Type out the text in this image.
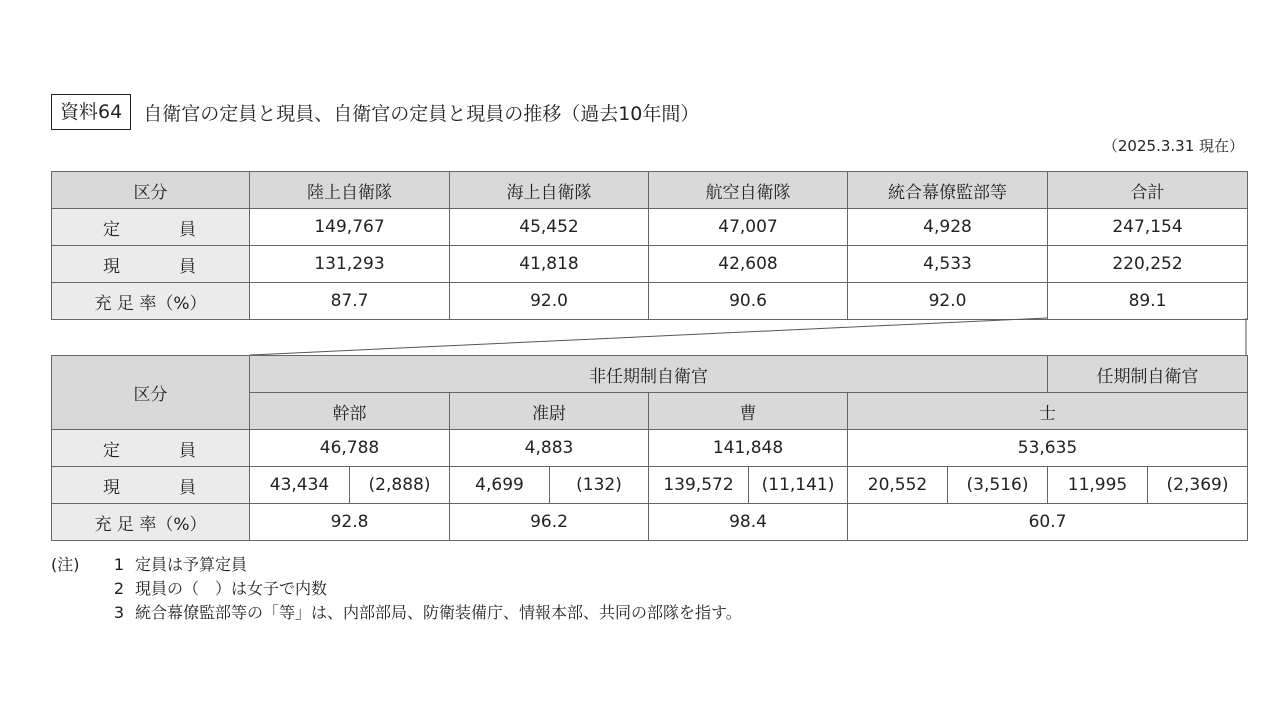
資料64	自衛官の定員と現員、自衛官の定員と現員の推移（過去10年間）
（2025.3.31 現在）
区分	陸上自衛隊	海上自衛隊	航空自衛隊	統合幕僚監部等	合計
定　　　員	149,767	45,452	47,007	4,928	247,154
現　　　員	131,293	41,818	42,608	4,533	220,252
充 足 率（%）	87.7	92.0	90.6	92.0	89.1
区分	非任期制自衛官								任期制自衛官	
	幹部		准尉		曹		士			
定　　　員	46,788		4,883		141,848		53,635			
現　　　員	43,434	(2,888)	4,699	(132)	139,572	(11,141)	20,552	(3,516)	11,995	(2,369)
充 足 率（%）	92.8		96.2		98.4		60.7			
(注)	1 定員は予算定員
2 現員の（　）は女子で内数
3 統合幕僚監部等の「等」は、内部部局、防衛装備庁、情報本部、共同の部隊を指す。
